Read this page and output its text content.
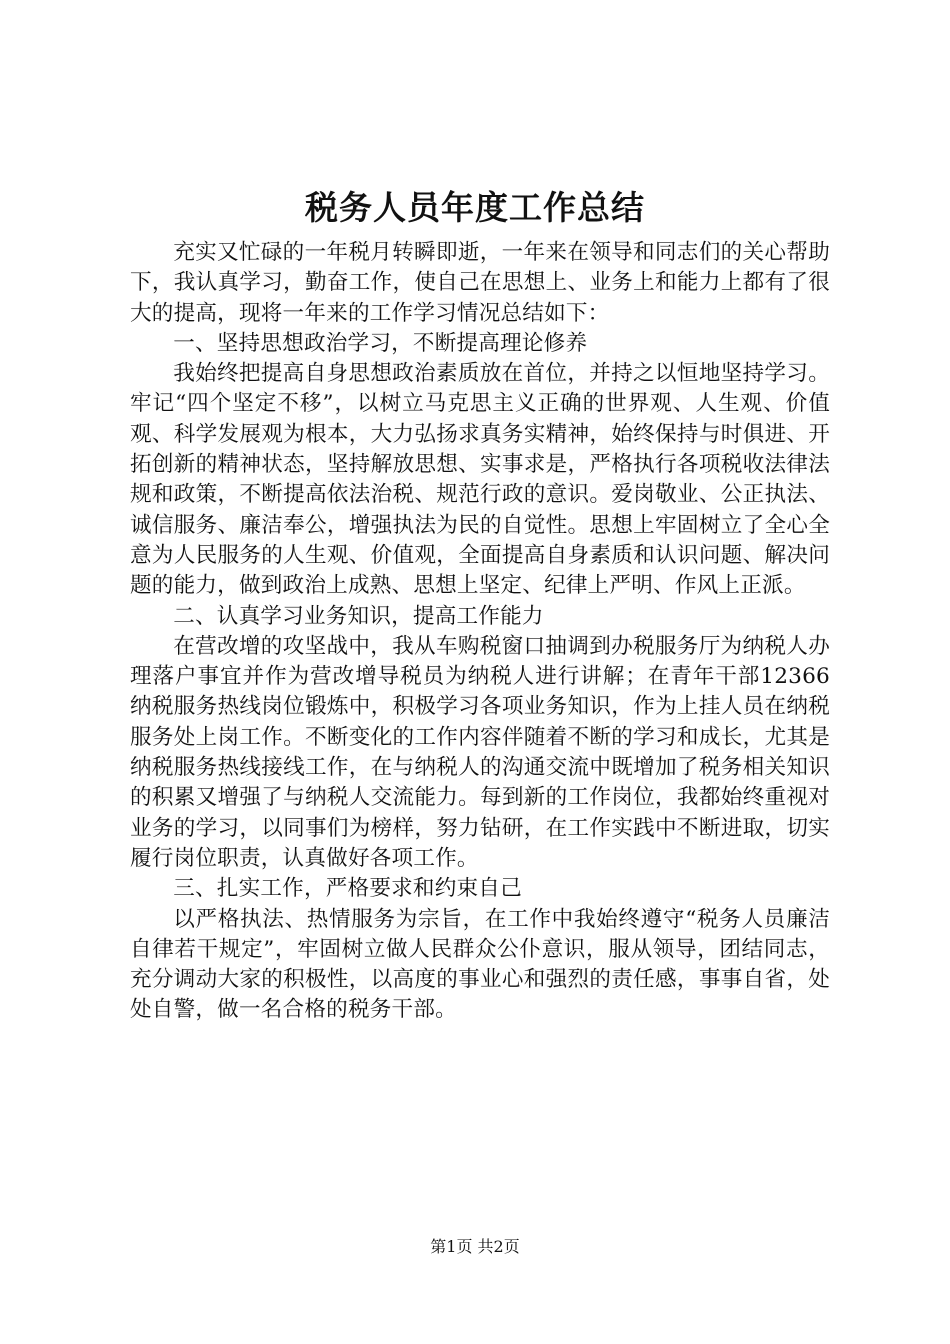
税务人员年度工作总结

充实又忙碌的一年税月转瞬即逝，一年来在领导和同志们的关心帮助下，我认真学习，勤奋工作，使自己在思想上、业务上和能力上都有了很大的提高，现将一年来的工作学习情况总结如下：

一、坚持思想政治学习，不断提高理论修养

我始终把提高自身思想政治素质放在首位，并持之以恒地坚持学习。牢记“四个坚定不移”，以树立马克思主义正确的世界观、人生观、价值观、科学发展观为根本，大力弘扬求真务实精神，始终保持与时俱进、开拓创新的精神状态，坚持解放思想、实事求是，严格执行各项税收法律法规和政策，不断提高依法治税、规范行政的意识。爱岗敬业、公正执法、诚信服务、廉洁奉公，增强执法为民的自觉性。思想上牢固树立了全心全意为人民服务的人生观、价值观，全面提高自身素质和认识问题、解决问题的能力，做到政治上成熟、思想上坚定、纪律上严明、作风上正派。

二、认真学习业务知识，提高工作能力

在营改增的攻坚战中，我从车购税窗口抽调到办税服务厅为纳税人办理落户事宜并作为营改增导税员为纳税人进行讲解；在青年干部12366纳税服务热线岗位锻炼中，积极学习各项业务知识，作为上挂人员在纳税服务处上岗工作。不断变化的工作内容伴随着不断的学习和成长，尤其是纳税服务热线接线工作，在与纳税人的沟通交流中既增加了税务相关知识的积累又增强了与纳税人交流能力。每到新的工作岗位，我都始终重视对业务的学习，以同事们为榜样，努力钻研，在工作实践中不断进取，切实履行岗位职责，认真做好各项工作。

三、扎实工作，严格要求和约束自己

以严格执法、热情服务为宗旨，在工作中我始终遵守“税务人员廉洁自律若干规定”，牢固树立做人民群众公仆意识，服从领导，团结同志，充分调动大家的积极性，以高度的事业心和强烈的责任感，事事自省，处处自警，做一名合格的税务干部。

第1页 共2页
